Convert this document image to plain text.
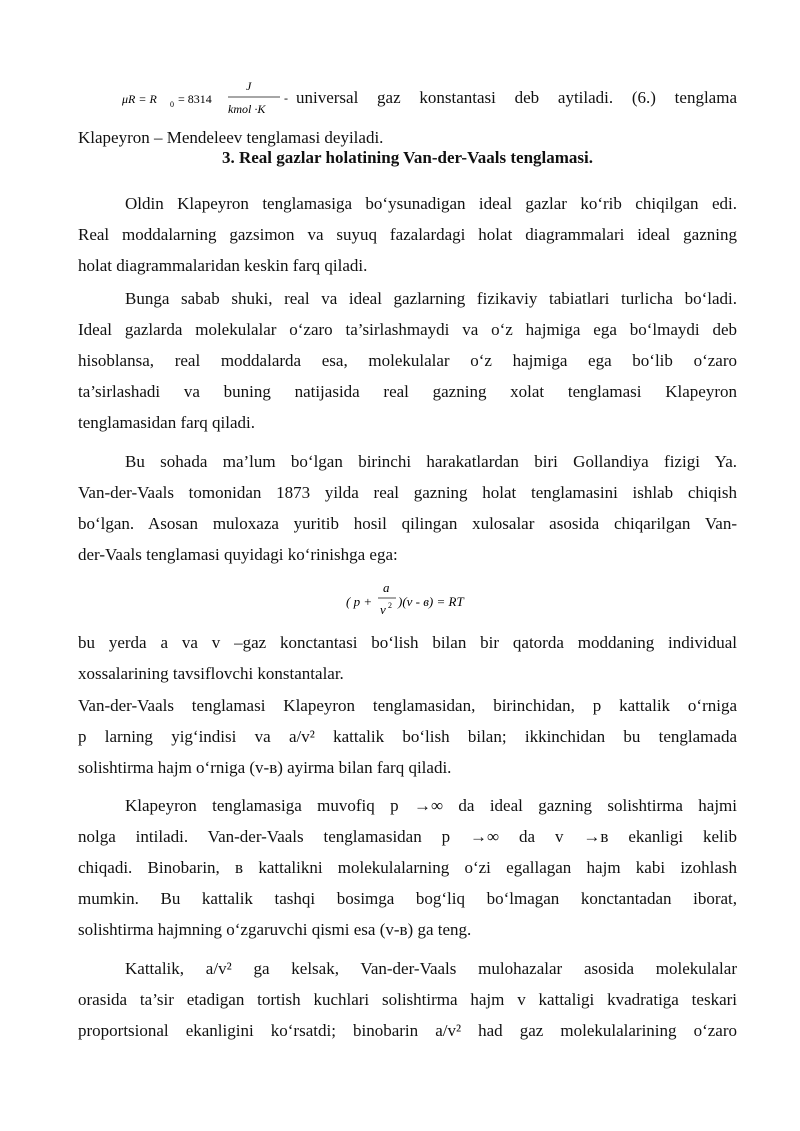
μR = R 0 = 8314
J
kmol ·K
- universal gaz konstantasi deb aytiladi. (6.) tenglama

Klapeyron – Mendeleev tenglamasi deyiladi.

3. Real gazlar holatining Van-der-Vaals tenglamasi.

Oldin Klapeyron tenglamasiga bo‘ysunadigan ideal gazlar ko‘rib chiqilgan edi.
Real moddalarning gazsimon va suyuq fazalardagi holat diagrammalari ideal gazning
holat diagrammalaridan keskin farq qiladi.

Bunga sabab shuki, real va ideal gazlarning fizikaviy tabiatlari turlicha bo‘ladi.
Ideal gazlarda molekulalar o‘zaro ta’sirlashmaydi va o‘z hajmiga ega bo‘lmaydi deb
hisoblansa, real moddalarda esa, molekulalar o‘z hajmiga ega bo‘lib o‘zaro
ta’sirlashadi va buning natijasida real gazning xolat tenglamasi Klapeyron
tenglamasidan farq qiladi.

Bu sohada ma’lum bo‘lgan birinchi harakatlardan biri Gollandiya fizigi Ya.
Van-der-Vaals tomonidan 1873 yilda real gazning holat tenglamasini ishlab chiqish
bo‘lgan. Asosan muloxaza yuritib hosil qilingan xulosalar asosida chiqarilgan Van-
der-Vaals tenglamasi quyidagi ko‘rinishga ega:

( p +
a
v 2 )(v - в) = RT

bu yerda a va v –gaz konctantasi bo‘lish bilan bir qatorda moddaning individual
xossalarining tavsiflovchi konstantalar.

Van-der-Vaals tenglamasi Klapeyron tenglamasidan, birinchidan, p kattalik o‘rniga
p larning yig‘indisi va a/v² kattalik bo‘lish bilan; ikkinchidan bu tenglamada
solishtirma hajm o‘rniga (v-в) ayirma bilan farq qiladi.

Klapeyron tenglamasiga muvofiq p →∞ da ideal gazning solishtirma hajmi
nolga intiladi. Van-der-Vaals tenglamasidan p →∞ da v →в ekanligi kelib
chiqadi. Binobarin, в kattalikni molekulalarning o‘zi egallagan hajm kabi izohlash
mumkin. Bu kattalik tashqi bosimga bog‘liq bo‘lmagan konctantadan iborat,
solishtirma hajmning o‘zgaruvchi qismi esa (v-в) ga teng.

Kattalik, a/v² ga kelsak, Van-der-Vaals mulohazalar asosida molekulalar
orasida ta’sir etadigan tortish kuchlari solishtirma hajm v kattaligi kvadratiga teskari
proportsional ekanligini ko‘rsatdi; binobarin a/v² had gaz molekulalarining o‘zaro
